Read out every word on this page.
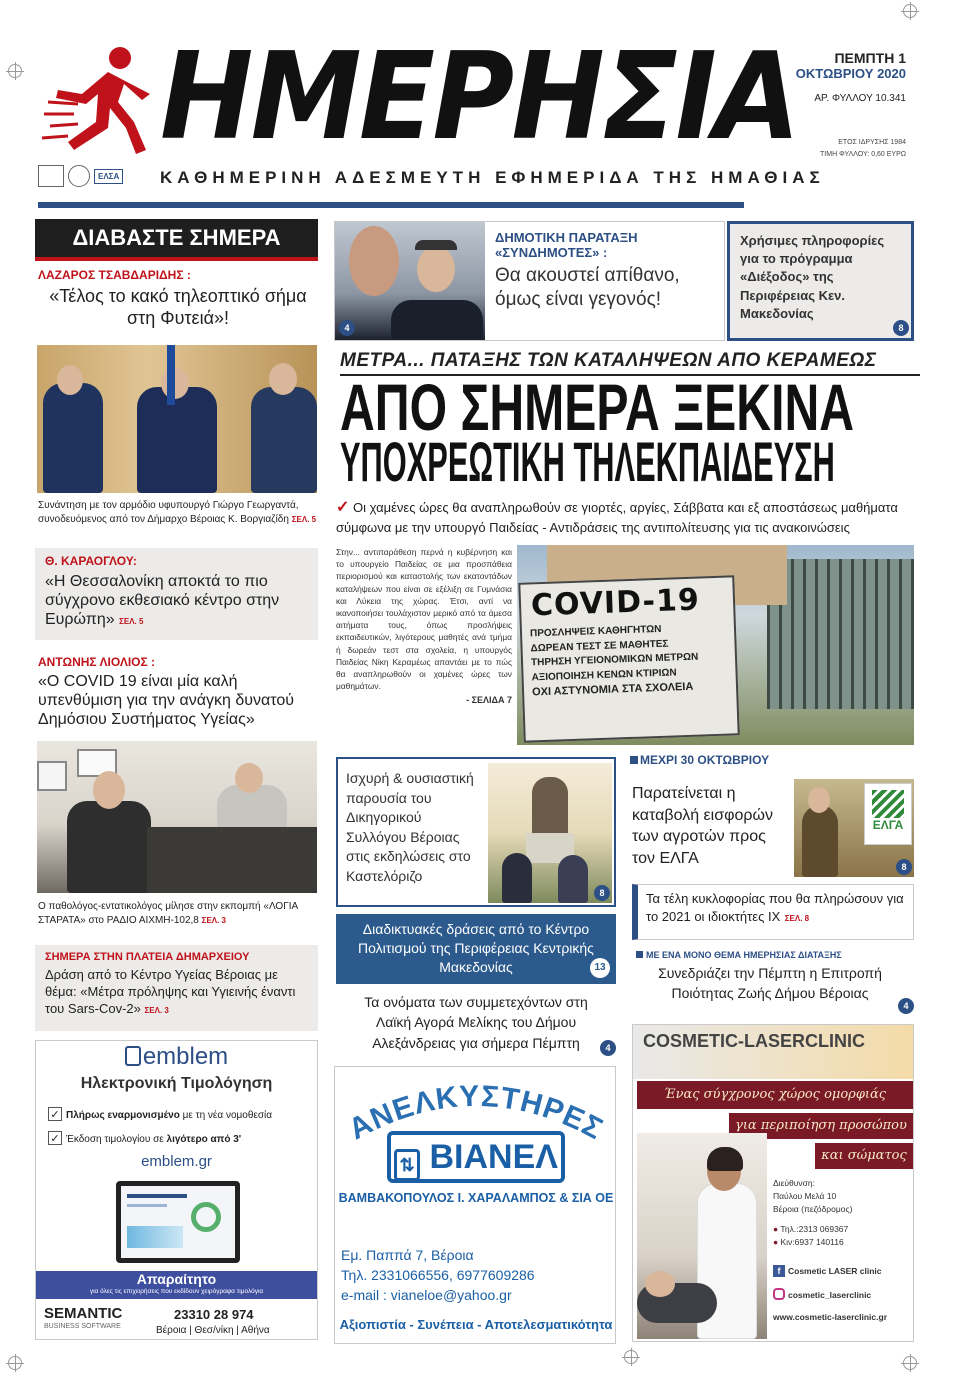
ΗΜΕΡΗΣΙΑ	ΠΕΜΠΤΗ 1
ΟΚΤΩΒΡΙΟΥ 2020
ΑΡ. ΦΥΛΛΟΥ 10.341
ΕΤΟΣ ΙΔΡΥΣΗΣ 1984
ΤΙΜΗ ΦΥΛΛΟΥ: 0,60 ΕΥΡΩ
ΕΛΣΑ ΚΑΘΗΜΕΡΙΝΗ ΑΔΕΣΜΕΥΤΗ ΕΦΗΜΕΡΙΔΑ ΤΗΣ ΗΜΑΘΙΑΣ
ΔΙΑΒΑΣΤΕ ΣΗΜΕΡΑ
ΛΑΖΑΡΟΣ ΤΣΑΒΔΑΡΙΔΗΣ :
«Τέλος το κακό τηλεοπτικό σήμα στη Φυτειά»!
Συνάντηση με τον αρμόδιο υφυπουργό Γιώργο Γεωργαντά, συνοδευόμενος από τον Δήμαρχο Βέροιας Κ. Βοργιαζίδη ΣΕΛ. 5
Θ. ΚΑΡΑΟΓΛΟΥ:
«Η Θεσσαλονίκη αποκτά το πιο σύγχρονο εκθεσιακό κέντρο στην Ευρώπη» ΣΕΛ. 5
ΑΝΤΩΝΗΣ ΛΙΟΛΙΟΣ :
«Ο COVID 19 είναι μία καλή υπενθύμιση για την ανάγκη δυνατού Δημόσιου Συστήματος Υγείας»
Ο παθολόγος-εντατικολόγος μίλησε στην εκπομπή «ΛΟΓΙΑ ΣΤΑΡΑΤΑ» στο ΡΑΔΙΟ ΑΙΧΜΗ-102,8 ΣΕΛ. 3
ΣΗΜΕΡΑ ΣΤΗΝ ΠΛΑΤΕΙΑ ΔΗΜΑΡΧΕΙΟΥ
Δράση από το Κέντρο Υγείας Βέροιας με θέμα: «Μέτρα πρόληψης και Υγιεινής έναντι του Sars-Cov-2» ΣΕΛ. 3
emblem
Ηλεκτρονική Τιμολόγηση
✓ Πλήρως εναρμονισμένο με τη νέα νομοθεσία
✓ Έκδοση τιμολογίου σε λιγότερο από 3'
emblem.gr
Απαραίτητο
για όλες τις επιχειρήσεις που εκδίδουν χειρόγραφα τιμολόγια
SEMANTIC
BUSINESS SOFTWARE
23310 28 974
Βέροια | Θεσ/νίκη | Αθήνα
4
ΔΗΜΟΤΙΚΗ ΠΑΡΑΤΑΞΗ
«ΣΥΝΔΗΜΟΤΕΣ» :
Θα ακουστεί απίθανο, όμως είναι γεγονός!
Χρήσιμες πληροφορίες για το πρόγραμμα «Διέξοδος» της Περιφέρειας Κεν. Μακεδονίας
8
ΜΕΤΡΑ... ΠΑΤΑΞΗΣ ΤΩΝ ΚΑΤΑΛΗΨΕΩΝ ΑΠΟ ΚΕΡΑΜΕΩΣ
ΑΠΟ ΣΗΜΕΡΑ ΞΕΚΙΝΑ
ΥΠΟΧΡΕΩΤΙΚΗ ΤΗΛΕΚΠΑΙΔΕΥΣΗ
✓ Οι χαμένες ώρες θα αναπληρωθούν σε γιορτές, αργίες, Σάββατα και εξ αποστάσεως μαθήματα σύμφωνα με την υπουργό Παιδείας - Αντιδράσεις της αντιπολίτευσης για τις ανακοινώσεις
Στην... αντιπαράθεση περνά η κυβέρνηση και το υπουργείο Παιδείας σε μια προσπάθεια περιορισμού και καταστολής των εκατοντάδων καταλήψεων που είναι σε εξέλιξη σε Γυμνάσια και Λύκεια της χώρας. Έτσι, αντί να ικανοποιήσει τουλάχιστον μερικό από τα άμεσα αιτήματα τους, όπως προσλήψεις εκπαιδευτικών, λιγότερους μαθητές ανά τμήμα ή δωρεάν τεστ στα σχολεία, η υπουργός Παιδείας Νίκη Κεραμέως απαντάει με το πώς θα αναπληρωθούν οι χαμένες ώρες των μαθημάτων.
- ΣΕΛΙΔΑ 7
COVID-19
ΠΡΟΣΛΗΨΕΙΣ ΚΑΘΗΓΗΤΩΝ
ΔΩΡΕΑΝ ΤΕΣΤ ΣΕ ΜΑΘΗΤΕΣ
ΤΗΡΗΣΗ ΥΓΕΙΟΝΟΜΙΚΩΝ ΜΕΤΡΩΝ
ΑΞΙΟΠΟΙΗΣΗ ΚΕΝΩΝ ΚΤΙΡΙΩΝ
ΟΧΙ ΑΣΤΥΝΟΜΙΑ ΣΤΑ ΣΧΟΛΕΙΑ
Ισχυρή & ουσιαστική παρουσία του Δικηγορικού Συλλόγου Βέροιας στις εκδηλώσεις στο Καστελόριζο
8
ΜΕΧΡΙ 30 ΟΚΤΩΒΡΙΟΥ
Παρατείνεται η καταβολή εισφορών των αγροτών προς τον ΕΛΓΑ
ΕΛΓΑ
8
Τα τέλη κυκλοφορίας που θα πληρώσουν για το 2021 οι ιδιοκτήτες ΙΧ ΣΕΛ. 8
Διαδικτυακές δράσεις από το Κέντρο Πολιτισμού της Περιφέρειας Κεντρικής Μακεδονίας	13
ΜΕ ΕΝΑ ΜΟΝΟ ΘΕΜΑ ΗΜΕΡΗΣΙΑΣ ΔΙΑΤΑΞΗΣ
Συνεδριάζει την Πέμπτη η Επιτροπή Ποιότητας Ζωής Δήμου Βέροιας
4
Τα ονόματα των συμμετεχόντων στη Λαϊκή Αγορά Μελίκης του Δήμου Αλεξάνδρειας για σήμερα Πέμπτη	4
ΑΝΕΛΚΥΣΤΗΡΕΣ
⇅ ΒΙΑΝΕΛ
ΒΑΜΒΑΚΟΠΟΥΛΟΣ Ι. ΧΑΡΑΛΑΜΠΟΣ & ΣΙΑ ΟΕ
Εμ. Παππά 7, Βέροια
Τηλ. 2331066556, 6977609286
e-mail : vianeloe@yahoo.gr
Αξιοπιστία - Συνέπεια - Αποτελεσματικότητα
COSMETIC-LASERCLINIC
Ένας σύγχρονος χώρος ομορφιάς
για περιποίηση προσώπου
και σώματος
Διεύθυνση:
Παύλου Μελά 10
Βέροια (πεζόδρομος)
● Τηλ.:2313 069367
● Κιν:6937 140116
f Cosmetic LASER clinic
cosmetic_laserclinic
www.cosmetic-laserclinic.gr
